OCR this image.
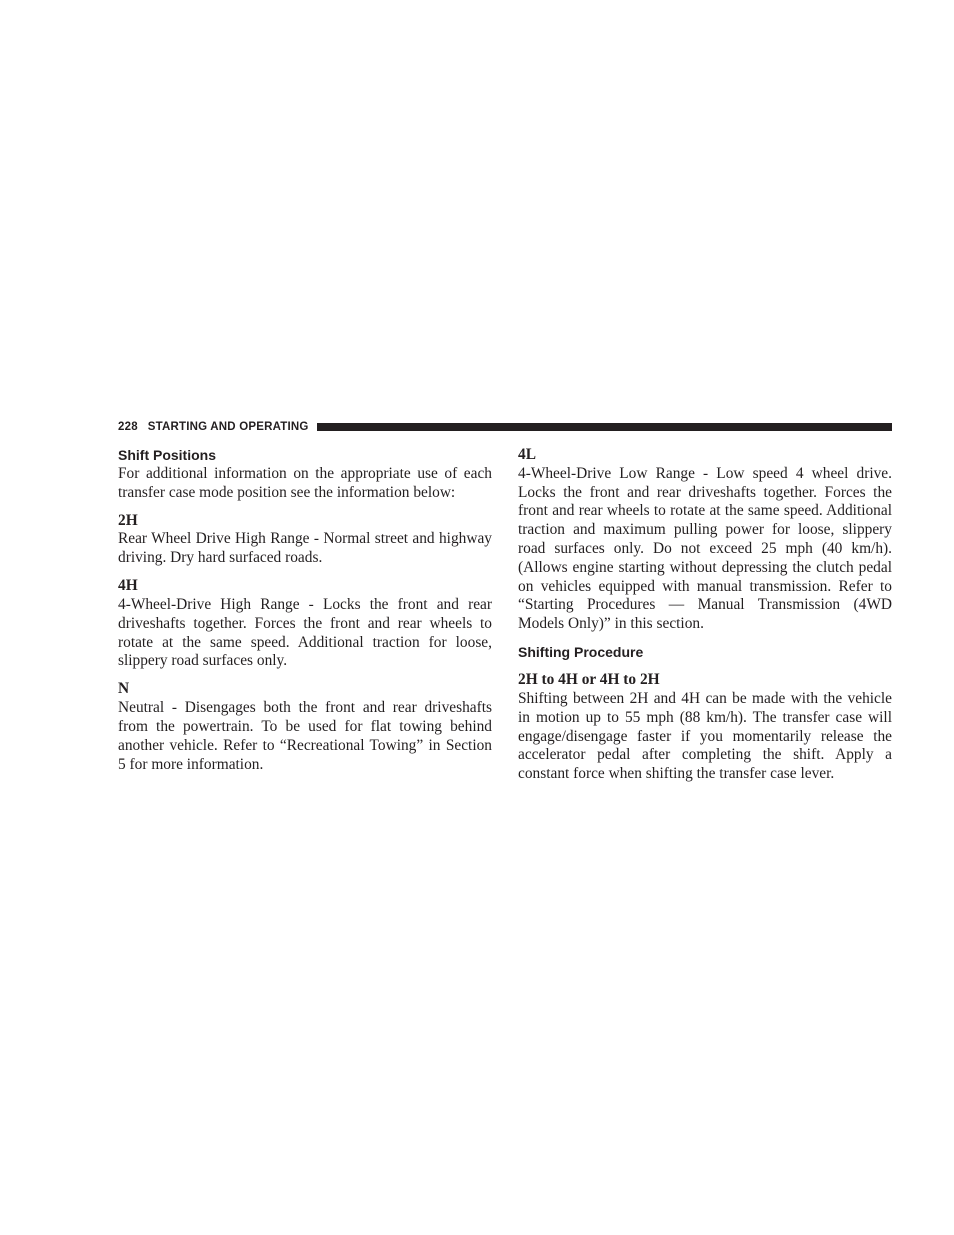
228 STARTING AND OPERATING
Shift Positions

For additional information on the appropriate use of each transfer case mode position see the information below:

2H

Rear Wheel Drive High Range - Normal street and highway driving. Dry hard surfaced roads.

4H

4-Wheel-Drive High Range - Locks the front and rear driveshafts together. Forces the front and rear wheels to rotate at the same speed. Additional traction for loose, slippery road surfaces only.

N

Neutral - Disengages both the front and rear driveshafts from the powertrain. To be used for flat towing behind another vehicle. Refer to “Recreational Towing” in Section 5 for more information.

4L

4-Wheel-Drive Low Range - Low speed 4 wheel drive. Locks the front and rear driveshafts together. Forces the front and rear wheels to rotate at the same speed. Additional traction and maximum pulling power for loose, slippery road surfaces only. Do not exceed 25 mph (40 km/h). (Allows engine starting without depressing the clutch pedal on vehicles equipped with manual transmission. Refer to “Starting Procedures — Manual Transmission (4WD Models Only)” in this section.

Shifting Procedure
2H to 4H or 4H to 2H

Shifting between 2H and 4H can be made with the vehicle in motion up to 55 mph (88 km/h). The transfer case will engage/disengage faster if you momentarily release the accelerator pedal after completing the shift. Apply a constant force when shifting the transfer case lever.
